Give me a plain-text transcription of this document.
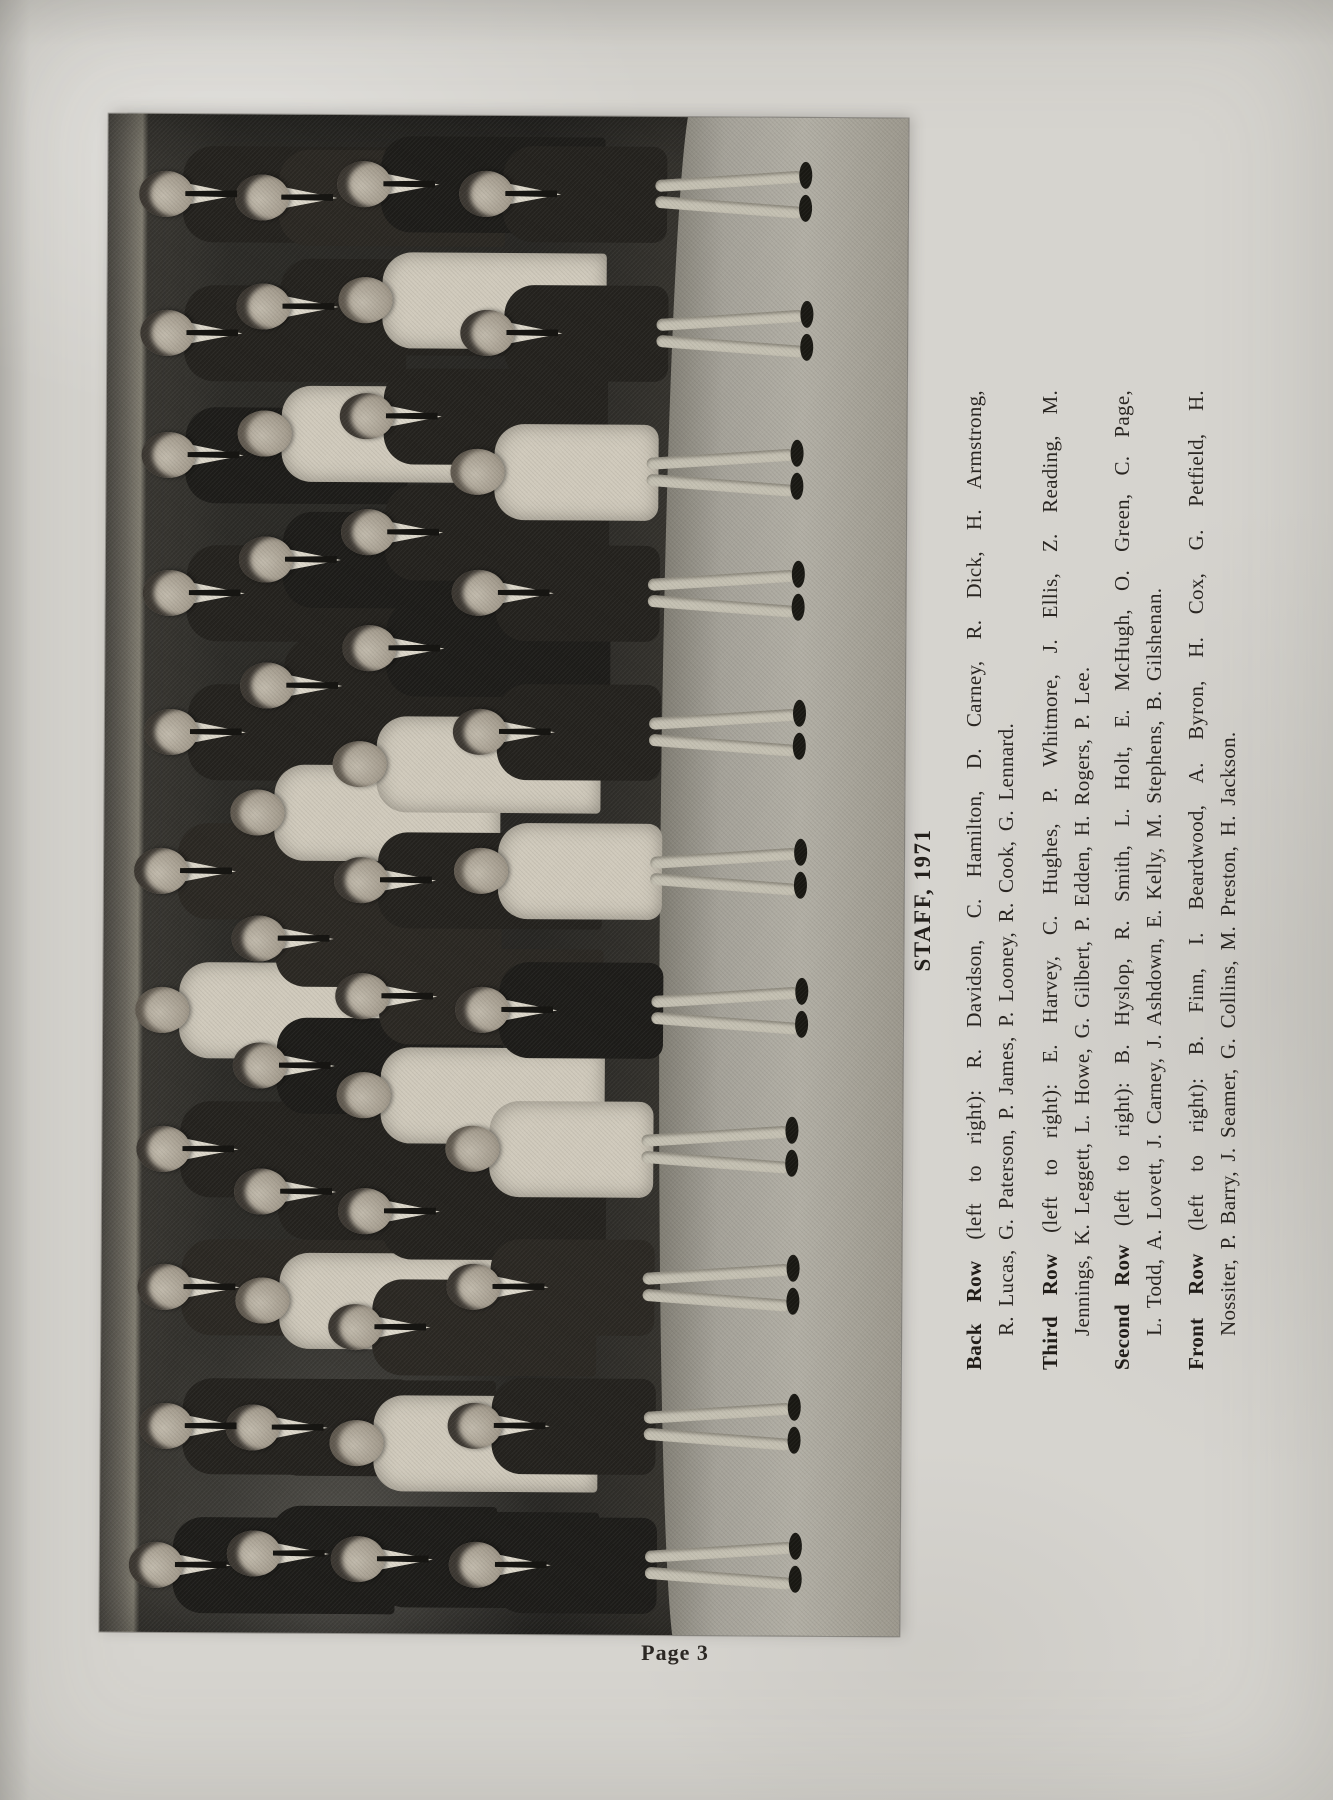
STAFF, 1971
Back Row (left to right): R. Davidson, C. Hamilton, D. Carney, R. Dick, H. Armstrong, R. Lucas, G. Paterson, P. James, P. Looney, R. Cook, G. Lennard. Third Row (left to right): E. Harvey, C. Hughes, P. Whitmore, J. Ellis, Z. Reading, M. Jennings, K. Leggett, L. Howe, G. Gilbert, P. Edden, H. Rogers, P. Lee. Second Row (left to right): B. Hyslop, R. Smith, L. Holt, E. McHugh, O. Green, C. Page, L. Todd, A. Lovett, J. Carney, J. Ashdown, E. Kelly, M. Stephens, B. Gilshenan. Front Row (left to right): B. Finn, I. Beardwood, A. Byron, H. Cox, G. Petfield, H. Nossiter, P. Barry, J. Seamer, G. Collins, M. Preston, H. Jackson.
Page 3
